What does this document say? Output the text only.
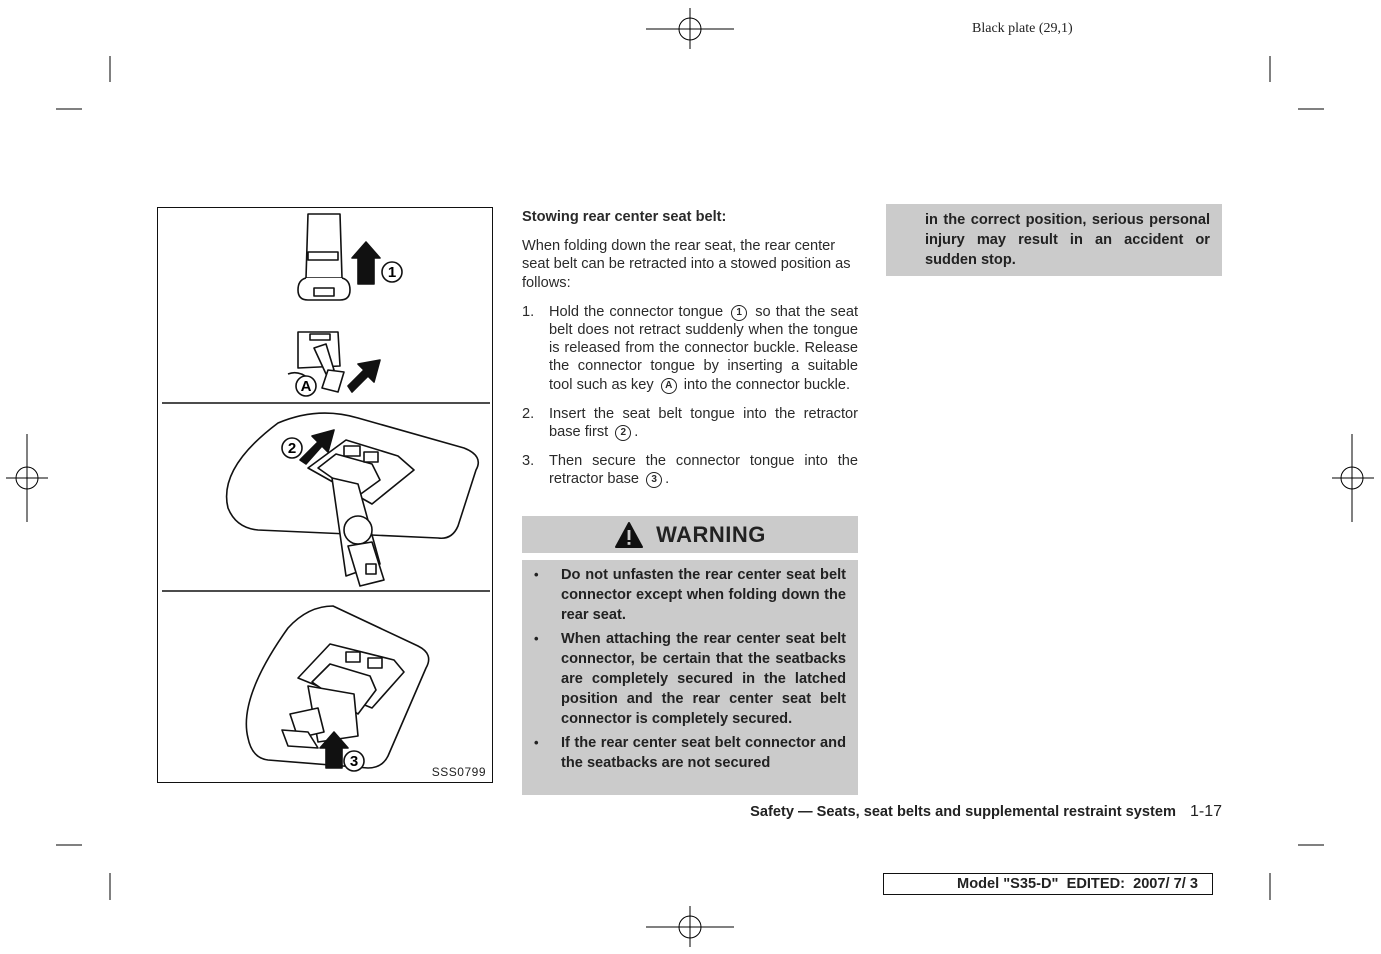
Black plate (29,1)
1
A
2
3
SSS0799
Stowing rear center seat belt:
When folding down the rear seat, the rear center seat belt can be retracted into a stowed position as follows:
1.	Hold the connector tongue 1 so that the seat belt does not retract suddenly when the tongue is released from the connector buckle. Release the connector tongue by inserting a suitable tool such as key A into the connector buckle.
2.	Insert the seat belt tongue into the retractor base first 2 .
3.	Then secure the connector tongue into the retractor base 3 .
WARNING
•	Do not unfasten the rear center seat belt connector except when folding down the rear seat.
•	When attaching the rear center seat belt connector, be certain that the seatbacks are completely secured in the latched position and the rear center seat belt connector is completely secured.
•	If the rear center seat belt connector and the seatbacks are not secured
in the correct position, serious personal injury may result in an accident or sudden stop.
Safety — Seats, seat belts and supplemental restraint system 1-17
Model "S35-D"  EDITED:  2007/ 7/ 3
